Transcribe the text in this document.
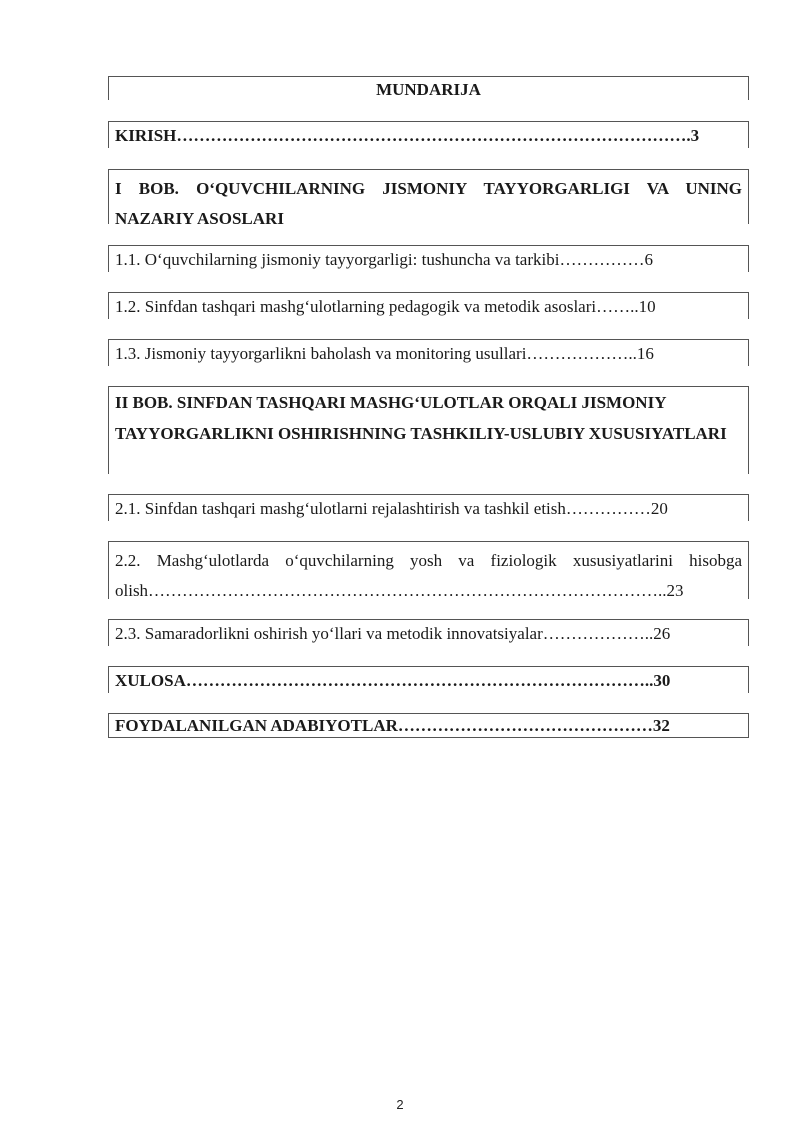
MUNDARIJA
KIRISH……………………………………………………………………………….3
I BOB. O‘QUVCHILARNING JISMONIY TAYYORGARLIGI VA UNING NAZARIY ASOSLARI
1.1. O‘quvchilarning jismoniy tayyorgarligi: tushuncha va tarkibi……………6
1.2. Sinfdan tashqari mashg‘ulotlarning pedagogik va metodik asoslari……..10
1.3. Jismoniy tayyorgarlikni baholash va monitoring usullari………………..16
II BOB. SINFDAN TASHQARI MASHG‘ULOTLAR ORQALI JISMONIY TAYYORGARLIKNI OSHIRISHNING TASHKILIY-USLUBIY XUSUSIYATLARI
2.1. Sinfdan tashqari mashg‘ulotlarni rejalashtirish va tashkil etish……………20
2.2. Mashg‘ulotlarda o‘quvchilarning yosh va fiziologik xususiyatlarini hisobga olish………………………………………………………………………………..23
2.3. Samaradorlikni oshirish yo‘llari va metodik innovatsiyalar………………..26
XULOSA………………………………………………………………………..30
FOYDALANILGAN ADABIYOTLAR………………………………………32
2
